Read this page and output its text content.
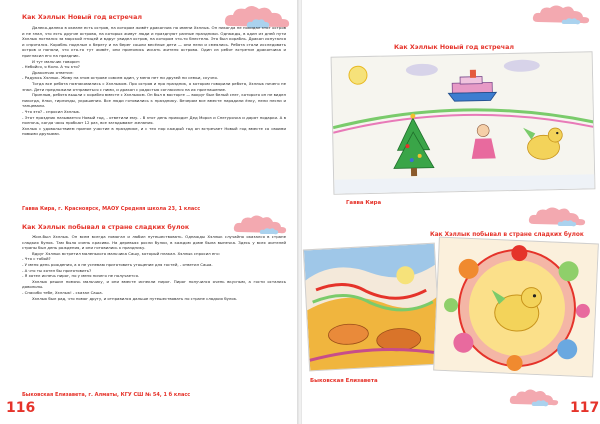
Как Хэллык Новый год встречал

Далеко-далеко в океане есть остров, на котором живёт дракончик по имени Хэллык. Он никогда не покидал этот остров и не знал, что есть другие острова, на которых живут люди и празднуют разные праздники. Однажды, в один из дней пути Хэллык погнался за морской птицей и вдруг увидел остров, на котором что-то блестело. Это был корабль. Дракон испугался и спрятался. Корабль подплыл к берегу и на берег сошли весёлые дети — они пели и смеялись. Ребята стали исследовать остров и поняли, что кто-то тут живёт, они принялись искать жителя острова. Один из ребят встретил дракончика и пригласил его на праздник.

И тут мальчик говорит:

- Небойся, я Коля. А ты кто?

Дракончик ответил:

- Радуюсь Хэллык. Живу на этом острове совсем один, у меня нет ни друзей ни семьи, скучно.

Тогда все ребята познакомились с Хэллыком. Про остров и про праздник, о котором говорили ребята, Хэллык ничего не знал. Дети предложили отправиться с ними, и дракон с радостью согласился на их приглашение.

Приплыв, ребята вышли с корабля вместе с Хэллыком. Он был в восторге — вокруг был белый снег, которого он не видел никогда, ёлки, гирлянды, украшения. Все люди готовились к празднику. Вечером все вместе нарядили ёлку, пели песни и танцевали.

- Что это? - спросил Хэллык.

- Этот праздник называется Новый год, - ответили ему. - В этот день приходит Дед Мороз и Снегурочка и дарят подарки. А в полночь, когда часы пробьют 12 раз, все загадывают желания.

Хэллык с удовольствием принял участие в празднике, и с тех пор каждый год он встречает Новый год вместе со своими новыми друзьями.

Гавва Кира, г. Красноярск, МАОУ Средняя школа 23, 1 класс
Как Хэллык побывал в стране сладких булок

Жил-был Хэллык. Он всем всегда помогал и любил путешествовать. Однажды Хэллык случайно оказался в стране сладких булок. Там было очень красиво. На деревьях росли булки, в каждом доме была выпечка. Здесь у всех жителей страны был день рождения, и они готовились к празднику.

Вдруг Хэллык встретил маленького мальчика Сашу, который плакал. Хэллык спросил его:

- Что с тобой?

- У меня день рождения, а я не успеваю приготовить угощение для гостей, - ответил Саша.

- А что ты хотел бы приготовить?

- Я хотел испечь пирог, но у меня ничего не получается.

Хэллык решил помочь мальчику, и они вместе испекли пирог. Пирог получился очень вкусным, а гости остались довольны.

- Спасибо тебе, Хэллык! - сказал Саша.

Хэллык был рад, что помог другу, и отправился дальше путешествовать по стране сладких булок.

Быковская Елизавета, г. Алматы, КГУ СШ № 54, 1 б класс
116
Как Хэллык Новый год встречал
Гавва Кира
Как Хэллык побывал в стране сладких булок
Быковская Елизавета
117
